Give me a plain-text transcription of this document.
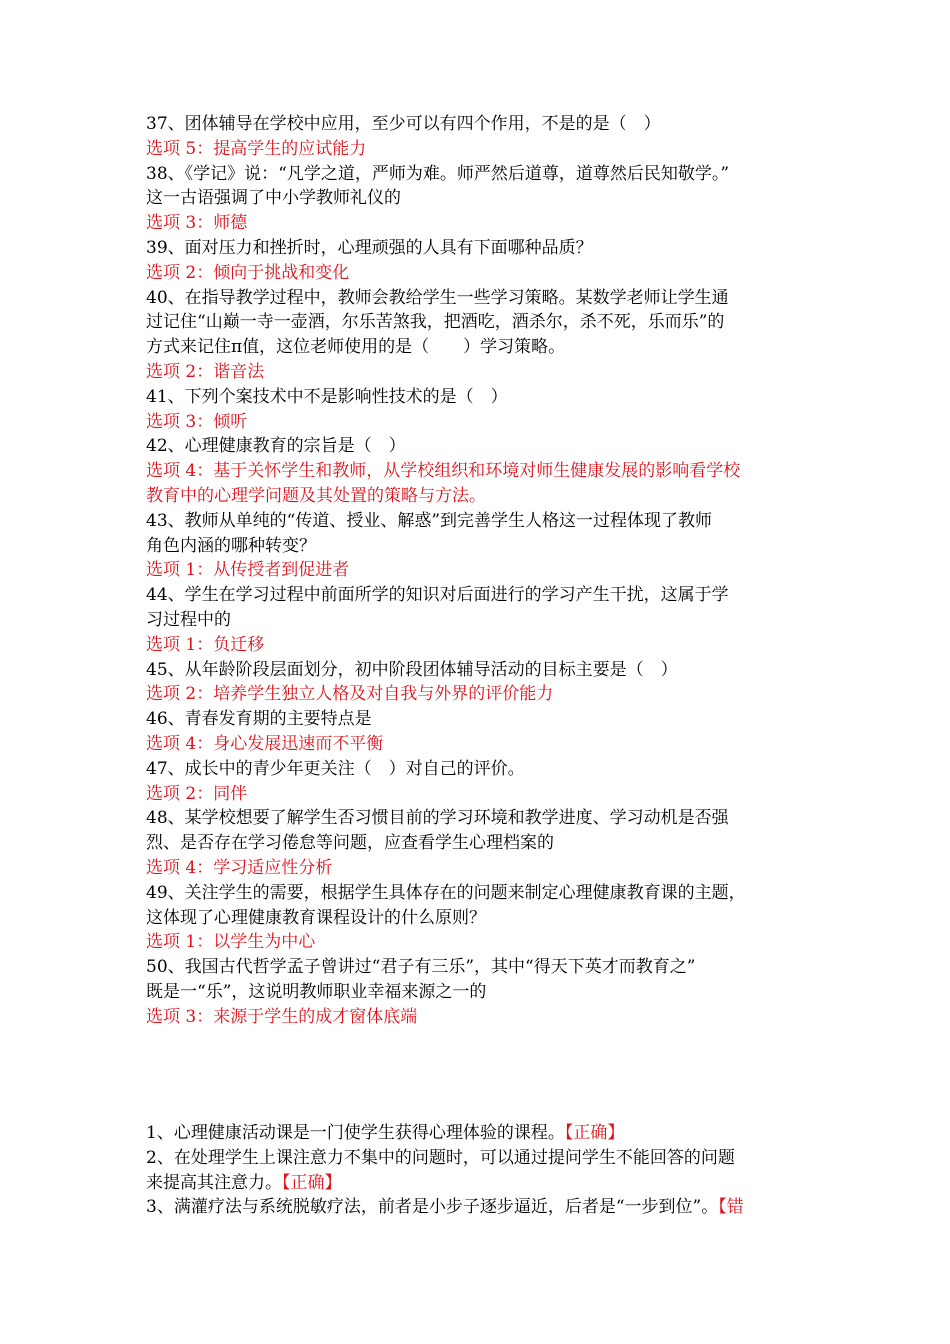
37、团体辅导在学校中应用，至少可以有四个作用，不是的是（　）
选项 5：提高学生的应试能力
38、《学记》说：“凡学之道，严师为难。师严然后道尊，道尊然后民知敬学。”
这一古语强调了中小学教师礼仪的
选项 3：师德
39、面对压力和挫折时，心理顽强的人具有下面哪种品质？
选项 2：倾向于挑战和变化
40、在指导教学过程中，教师会教给学生一些学习策略。某数学老师让学生通
过记住“山巅一寺一壶酒，尔乐苦煞我，把酒吃，酒杀尔，杀不死，乐而乐”的
方式来记住π值，这位老师使用的是（　　）学习策略。
选项 2：谐音法
41、下列个案技术中不是影响性技术的是（　）
选项 3：倾听
42、心理健康教育的宗旨是（　）
选项 4：基于关怀学生和教师，从学校组织和环境对师生健康发展的影响看学校
教育中的心理学问题及其处置的策略与方法。
43、教师从单纯的“传道、授业、解惑”到完善学生人格这一过程体现了教师
角色内涵的哪种转变？
选项 1：从传授者到促进者
44、学生在学习过程中前面所学的知识对后面进行的学习产生干扰，这属于学
习过程中的
选项 1：负迁移
45、从年龄阶段层面划分，初中阶段团体辅导活动的目标主要是（　）
选项 2：培养学生独立人格及对自我与外界的评价能力
46、青春发育期的主要特点是
选项 4：身心发展迅速而不平衡
47、成长中的青少年更关注（　）对自己的评价。
选项 2：同伴
48、某学校想要了解学生否习惯目前的学习环境和教学进度、学习动机是否强
烈、是否存在学习倦怠等问题，应查看学生心理档案的
选项 4：学习适应性分析
49、关注学生的需要，根据学生具体存在的问题来制定心理健康教育课的主题，
这体现了心理健康教育课程设计的什么原则？
选项 1：以学生为中心
50、我国古代哲学孟子曾讲过“君子有三乐”，其中“得天下英才而教育之”
既是一“乐”，这说明教师职业幸福来源之一的
选项 3：来源于学生的成才窗体底端
1、心理健康活动课是一门使学生获得心理体验的课程。【正确】
2、在处理学生上课注意力不集中的问题时，可以通过提问学生不能回答的问题
来提高其注意力。【正确】
3、满灌疗法与系统脱敏疗法，前者是小步子逐步逼近，后者是“一步到位”。【错
